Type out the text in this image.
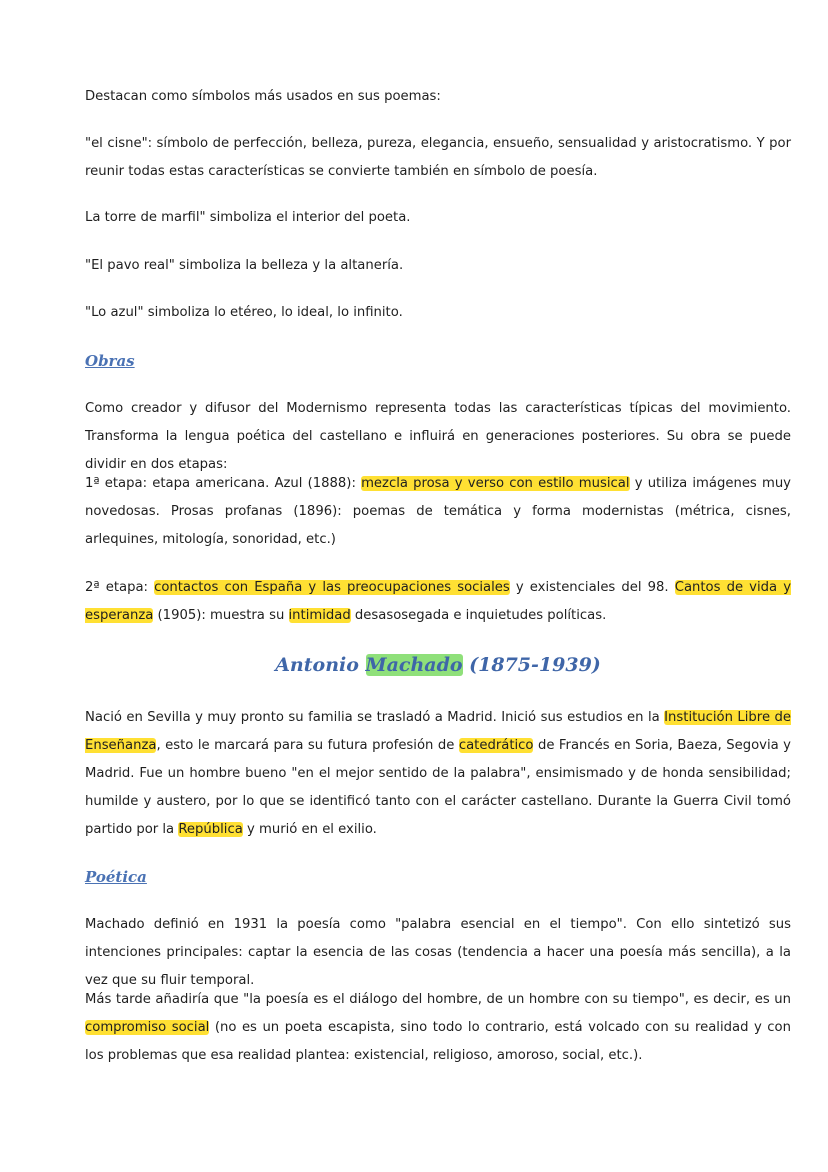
Destacan como símbolos más usados en sus poemas:

"el cisne": símbolo de perfección, belleza, pureza, elegancia, ensueño, sensualidad y aristocratismo. Y por reunir todas estas características se convierte también en símbolo de poesía.

La torre de marfil" simboliza el interior del poeta.

"El pavo real" simboliza la belleza y la altanería.

"Lo azul" simboliza lo etéreo, lo ideal, lo infinito.

Obras

Como creador y difusor del Modernismo representa todas las características típicas del movimiento. Transforma la lengua poética del castellano e influirá en generaciones posteriores. Su obra se puede dividir en dos etapas:

1ª etapa: etapa americana. Azul (1888): mezcla prosa y verso con estilo musical y utiliza imágenes muy novedosas. Prosas profanas (1896): poemas de temática y forma modernistas (métrica, cisnes, arlequines, mitología, sonoridad, etc.)

2ª etapa: contactos con España y las preocupaciones sociales y existenciales del 98. Cantos de vida y esperanza (1905): muestra su intimidad desasosegada e inquietudes políticas.

Antonio Machado (1875-1939)

Nació en Sevilla y muy pronto su familia se trasladó a Madrid. Inició sus estudios en la Institución Libre de Enseñanza, esto le marcará para su futura profesión de catedrático de Francés en Soria, Baeza, Segovia y Madrid. Fue un hombre bueno "en el mejor sentido de la palabra", ensimismado y de honda sensibilidad; humilde y austero, por lo que se identificó tanto con el carácter castellano. Durante la Guerra Civil tomó partido por la República y murió en el exilio.

Poética

Machado definió en 1931 la poesía como "palabra esencial en el tiempo". Con ello sintetizó sus intenciones principales: captar la esencia de las cosas (tendencia a hacer una poesía más sencilla), a la vez que su fluir temporal.

Más tarde añadiría que "la poesía es el diálogo del hombre, de un hombre con su tiempo", es decir, es un compromiso social (no es un poeta escapista, sino todo lo contrario, está volcado con su realidad y con los problemas que esa realidad plantea: existencial, religioso, amoroso, social, etc.).
